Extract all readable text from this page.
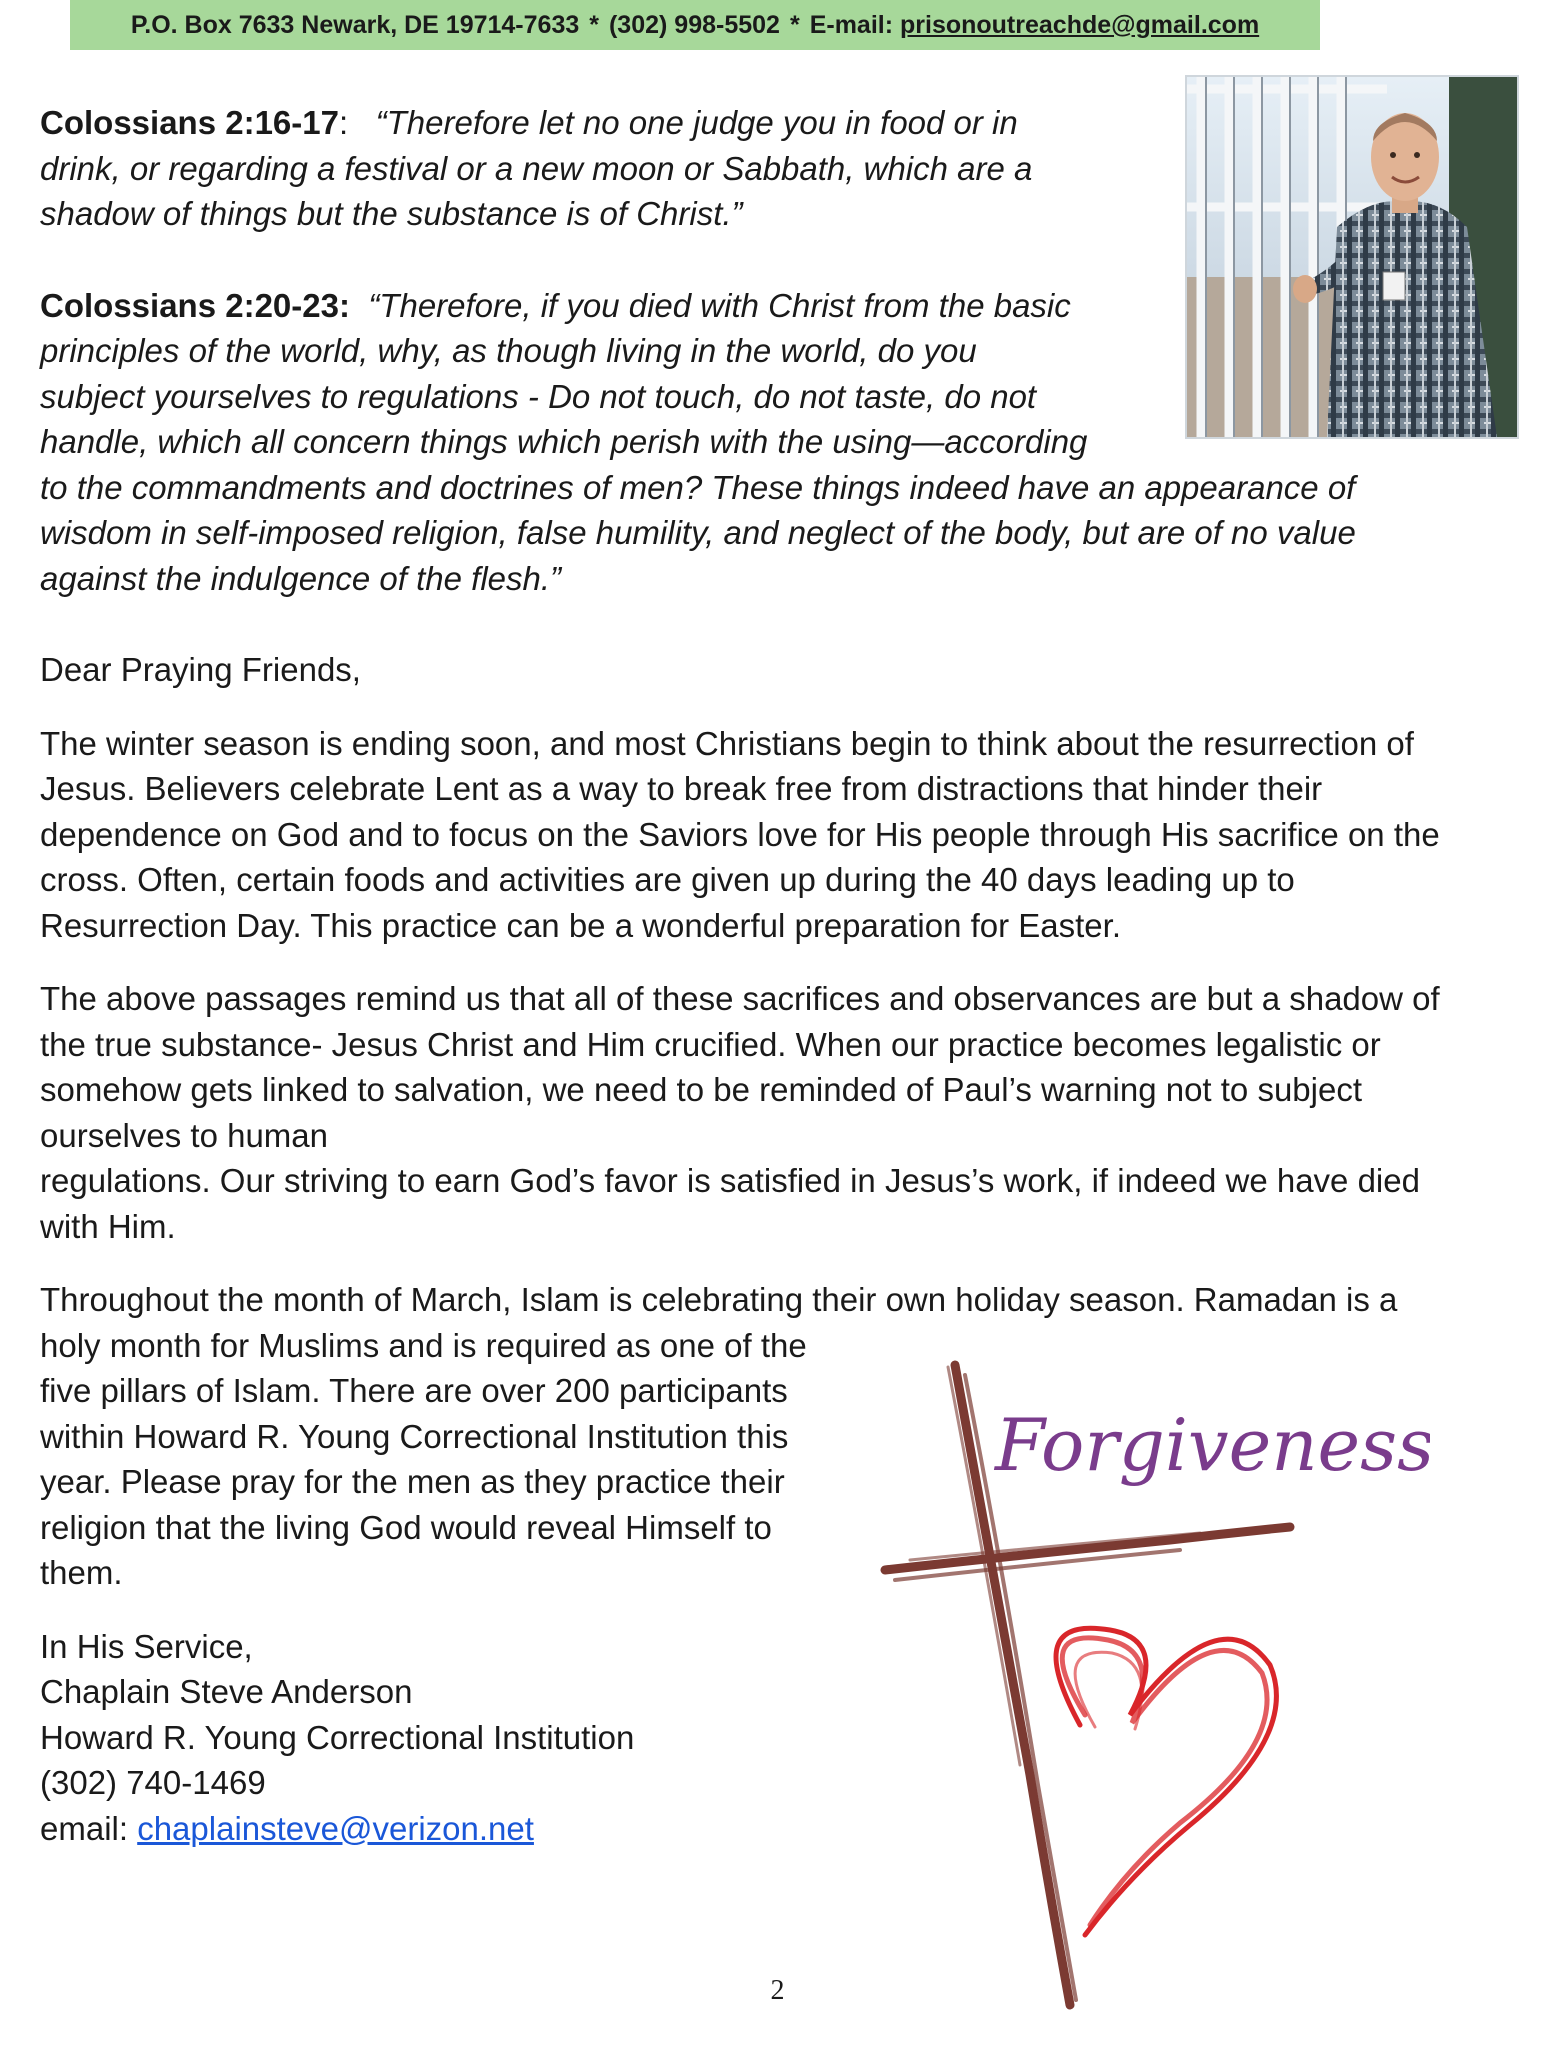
P.O. Box 7633 Newark, DE 19714-7633 * (302) 998-5502 * E-mail: prisonoutreachde@gmail.com
Colossians 2:16-17: “Therefore let no one judge you in food or in
drink, or regarding a festival or a new moon or Sabbath, which are a
shadow of things but the substance is of Christ.”
Colossians 2:20-23: “Therefore, if you died with Christ from the basic
principles of the world, why, as though living in the world, do you
subject yourselves to regulations - Do not touch, do not taste, do not
handle, which all concern things which perish with the using—according
to the commandments and doctrines of men? These things indeed have an appearance of
wisdom in self-imposed religion, false humility, and neglect of the body, but are of no value
against the indulgence of the flesh.”
Dear Praying Friends,
The winter season is ending soon, and most Christians begin to think about the resurrection of
Jesus. Believers celebrate Lent as a way to break free from distractions that hinder their
dependence on God and to focus on the Saviors love for His people through His sacrifice on the
cross. Often, certain foods and activities are given up during the 40 days leading up to
Resurrection Day. This practice can be a wonderful preparation for Easter.
The above passages remind us that all of these sacrifices and observances are but a shadow of
the true substance- Jesus Christ and Him crucified. When our practice becomes legalistic or
somehow gets linked to salvation, we need to be reminded of Paul’s warning not to subject
ourselves to human
regulations. Our striving to earn God’s favor is satisfied in Jesus’s work, if indeed we have died
with Him.
Throughout the month of March, Islam is celebrating their own holiday season. Ramadan is a
holy month for Muslims and is required as one of the
five pillars of Islam. There are over 200 participants
within Howard R. Young Correctional Institution this
year. Please pray for the men as they practice their
religion that the living God would reveal Himself to
them.
In His Service,
Chaplain Steve Anderson
Howard R. Young Correctional Institution
(302) 740-1469
email: chaplainsteve@verizon.net
Forgiveness
2
